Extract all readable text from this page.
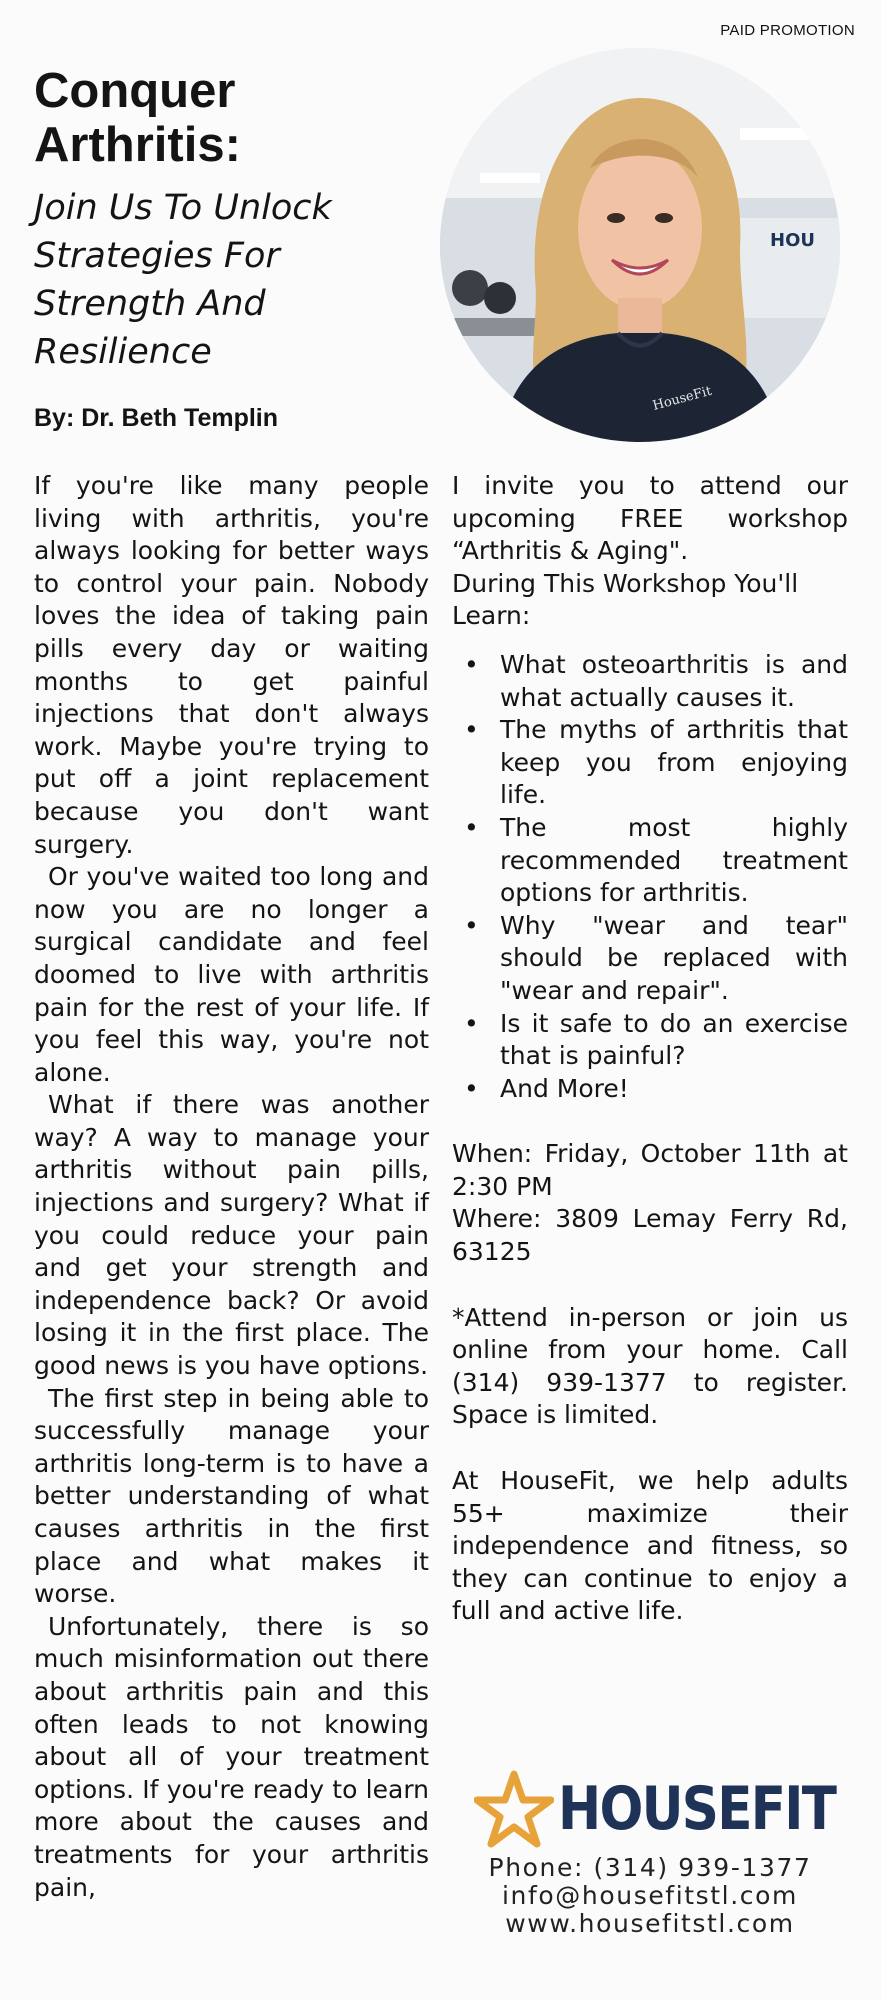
PAID PROMOTION
Conquer Arthritis:
Join Us To Unlock Strategies For Strength And Resilience
By: Dr. Beth Templin
HOU
HouseFit

If you're like many people living with arthritis, you're always looking for better ways to control your pain. Nobody loves the idea of taking pain pills every day or waiting months to get painful injections that don't always work. Maybe you're trying to put off a joint replacement because you don't want surgery.

Or you've waited too long and now you are no longer a surgical candidate and feel doomed to live with arthritis pain for the rest of your life. If you feel this way, you're not alone.

What if there was another way? A way to manage your arthritis without pain pills, injections and surgery? What if you could reduce your pain and get your strength and independence back? Or avoid losing it in the first place. The good news is you have options.

The first step in being able to successfully manage your arthritis long-term is to have a better understanding of what causes arthritis in the first place and what makes it worse.

Unfortunately, there is so much misinformation out there about arthritis pain and this often leads to not knowing about all of your treatment options. If you're ready to learn more about the causes and treatments for your arthritis pain,

I invite you to attend our upcoming FREE workshop “Arthritis & Aging".

During This Workshop You'll Learn:

• What osteoarthritis is and what actually causes it.
• The myths of arthritis that keep you from enjoying life.
• The most highly recommended treatment options for arthritis.
• Why "wear and tear" should be replaced with "wear and repair".
• Is it safe to do an exercise that is painful?
• And More!

When: Friday, October 11th at 2:30 PM

Where: 3809 Lemay Ferry Rd, 63125

*Attend in-person or join us online from your home. Call (314) 939-1377 to register. Space is limited.

At HouseFit, we help adults 55+ maximize their independence and fitness, so they can continue to enjoy a full and active life.

HOUSEFIT
Phone: (314) 939-1377
info@housefitstl.com
www.housefitstl.com
